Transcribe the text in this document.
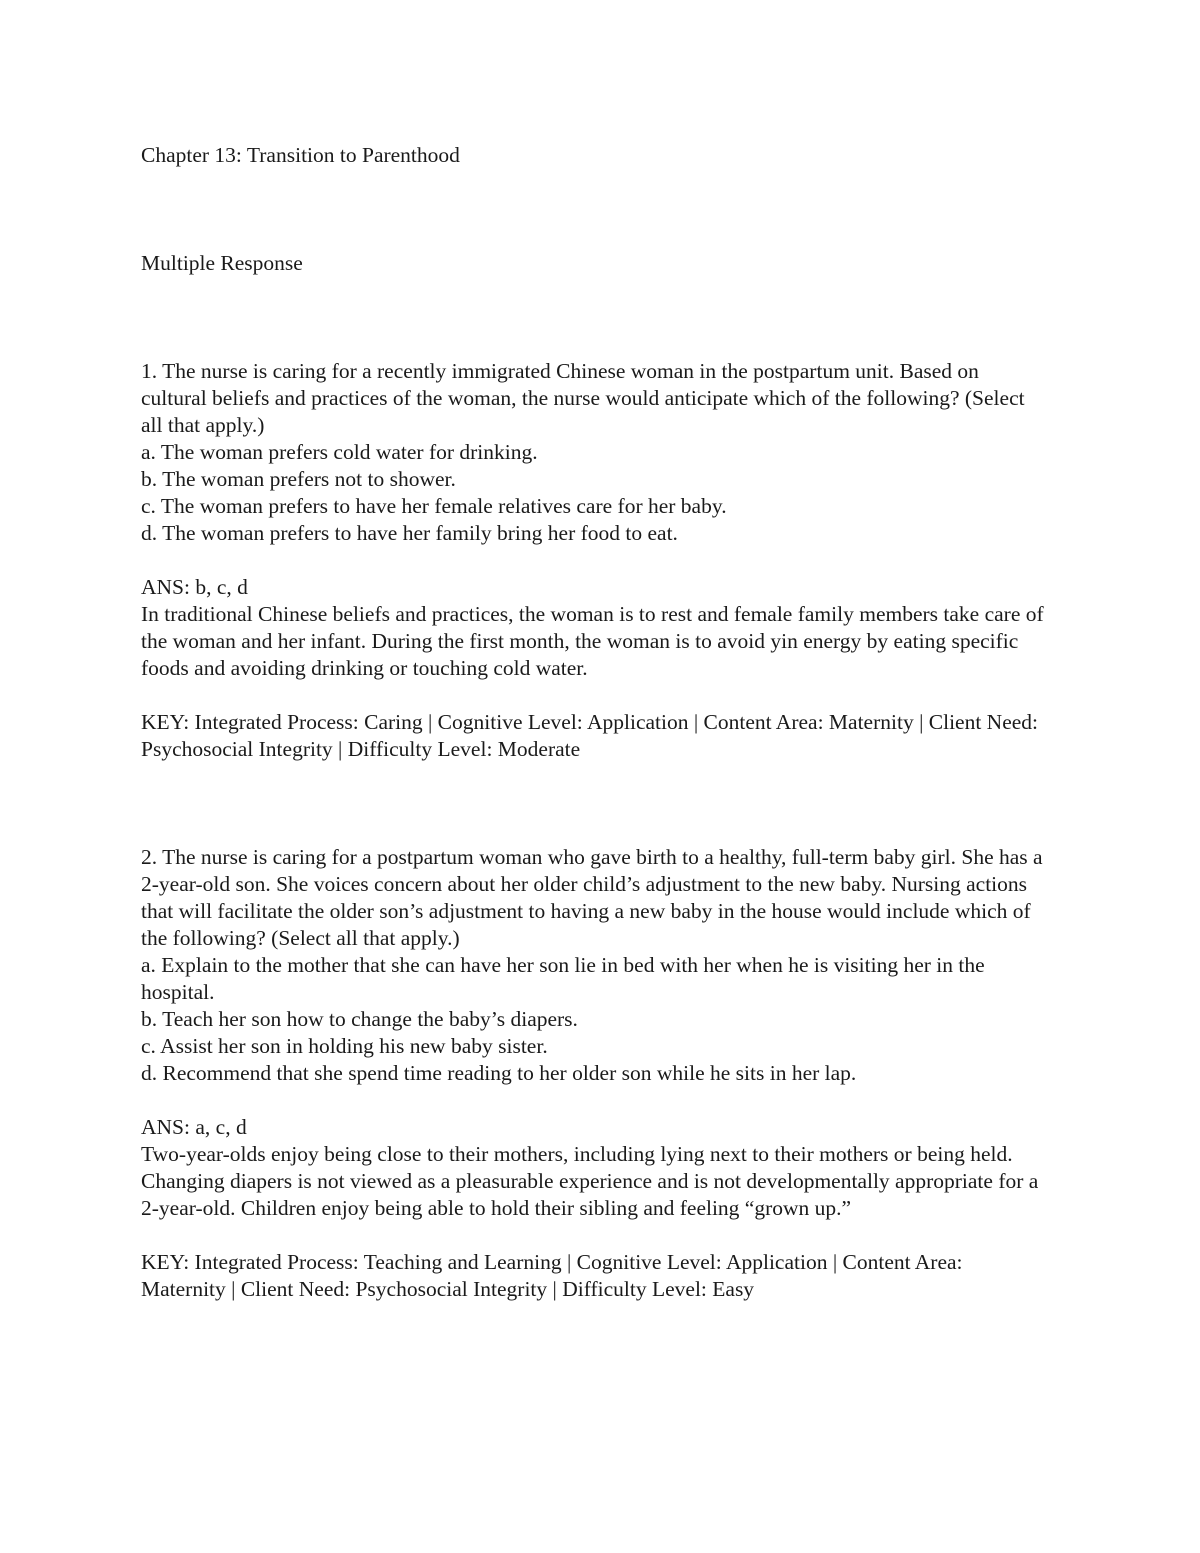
Chapter 13: Transition to Parenthood
Multiple Response
1. The nurse is caring for a recently immigrated Chinese woman in the postpartum unit. Based on
cultural beliefs and practices of the woman, the nurse would anticipate which of the following? (Select
all that apply.)
a. The woman prefers cold water for drinking.
b. The woman prefers not to shower.
c. The woman prefers to have her female relatives care for her baby.
d. The woman prefers to have her family bring her food to eat.
ANS: b, c, d
In traditional Chinese beliefs and practices, the woman is to rest and female family members take care of
the woman and her infant. During the first month, the woman is to avoid yin energy by eating specific
foods and avoiding drinking or touching cold water.
KEY: Integrated Process: Caring | Cognitive Level: Application | Content Area: Maternity | Client Need:
Psychosocial Integrity | Difficulty Level: Moderate
2. The nurse is caring for a postpartum woman who gave birth to a healthy, full-term baby girl. She has a
2-year-old son. She voices concern about her older child’s adjustment to the new baby. Nursing actions
that will facilitate the older son’s adjustment to having a new baby in the house would include which of
the following? (Select all that apply.)
a. Explain to the mother that she can have her son lie in bed with her when he is visiting her in the
hospital.
b. Teach her son how to change the baby’s diapers.
c. Assist her son in holding his new baby sister.
d. Recommend that she spend time reading to her older son while he sits in her lap.
ANS: a, c, d
Two-year-olds enjoy being close to their mothers, including lying next to their mothers or being held.
Changing diapers is not viewed as a pleasurable experience and is not developmentally appropriate for a
2-year-old. Children enjoy being able to hold their sibling and feeling “grown up.”
KEY: Integrated Process: Teaching and Learning | Cognitive Level: Application | Content Area:
Maternity | Client Need: Psychosocial Integrity | Difficulty Level: Easy
